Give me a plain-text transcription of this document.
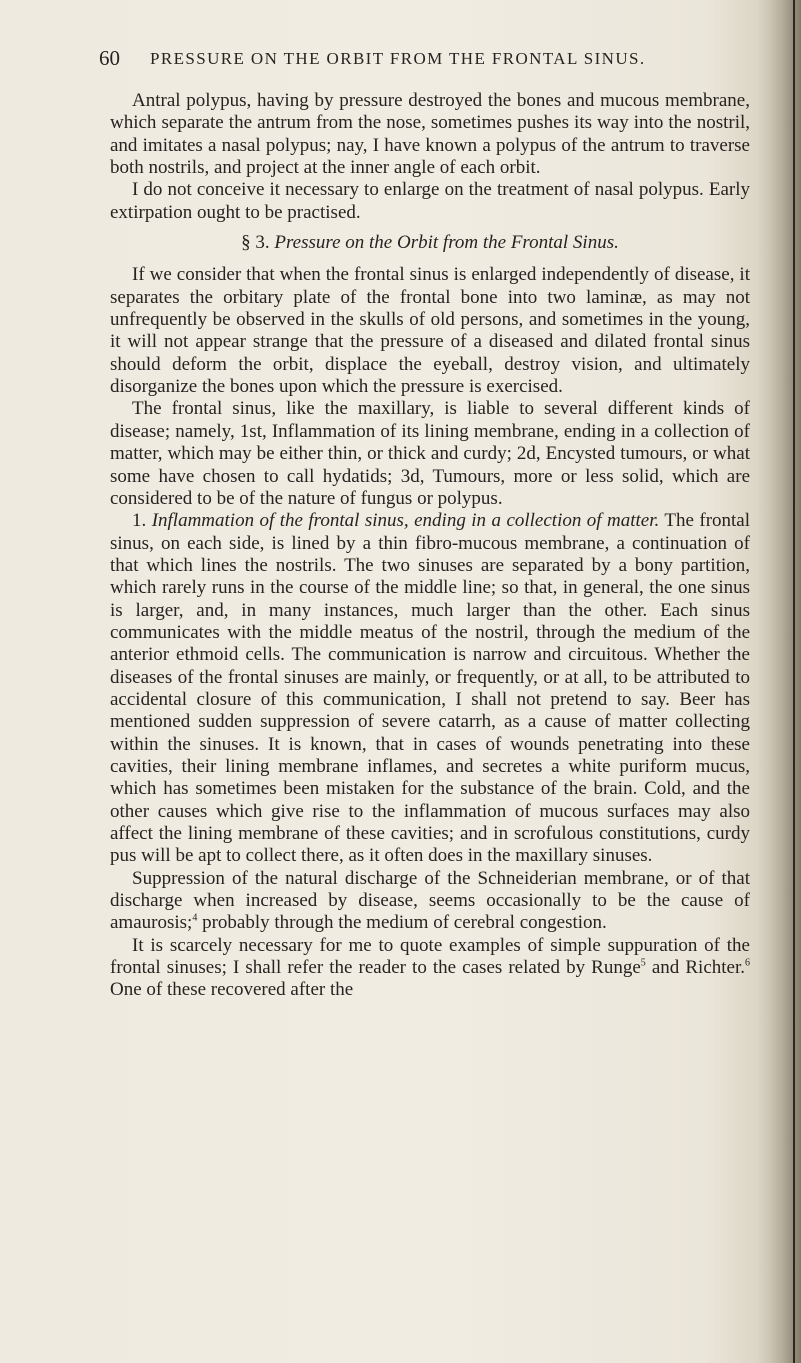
60 PRESSURE ON THE ORBIT FROM THE FRONTAL SINUS.

Antral polypus, having by pressure destroyed the bones and mucous membrane, which separate the antrum from the nose, sometimes pushes its way into the nostril, and imitates a nasal polypus; nay, I have known a polypus of the antrum to traverse both nostrils, and project at the inner angle of each orbit.

I do not conceive it necessary to enlarge on the treatment of nasal polypus. Early extirpation ought to be practised.

§ 3. Pressure on the Orbit from the Frontal Sinus.

If we consider that when the frontal sinus is enlarged independently of disease, it separates the orbitary plate of the frontal bone into two laminæ, as may not unfrequently be observed in the skulls of old persons, and sometimes in the young, it will not appear strange that the pressure of a diseased and dilated frontal sinus should deform the orbit, displace the eyeball, destroy vision, and ultimately disorganize the bones upon which the pressure is exercised.

The frontal sinus, like the maxillary, is liable to several different kinds of disease; namely, 1st, Inflammation of its lining membrane, ending in a collection of matter, which may be either thin, or thick and curdy; 2d, Encysted tumours, or what some have chosen to call hydatids; 3d, Tumours, more or less solid, which are considered to be of the nature of fungus or polypus.

1. Inflammation of the frontal sinus, ending in a collection of matter. The frontal sinus, on each side, is lined by a thin fibro-mucous membrane, a continuation of that which lines the nostrils. The two sinuses are separated by a bony partition, which rarely runs in the course of the middle line; so that, in general, the one sinus is larger, and, in many instances, much larger than the other. Each sinus communicates with the middle meatus of the nostril, through the medium of the anterior ethmoid cells. The communication is narrow and circuitous. Whether the diseases of the frontal sinuses are mainly, or frequently, or at all, to be attributed to accidental closure of this communication, I shall not pretend to say. Beer has mentioned sudden suppression of severe catarrh, as a cause of matter collecting within the sinuses. It is known, that in cases of wounds penetrating into these cavities, their lining membrane inflames, and secretes a white puriform mucus, which has sometimes been mistaken for the substance of the brain. Cold, and the other causes which give rise to the inflammation of mucous surfaces may also affect the lining membrane of these cavities; and in scrofulous constitutions, curdy pus will be apt to collect there, as it often does in the maxillary sinuses.

Suppression of the natural discharge of the Schneiderian membrane, or of that discharge when increased by disease, seems occasionally to be the cause of amaurosis;$^4$ probably through the medium of cerebral congestion.

It is scarcely necessary for me to quote examples of simple suppuration of the frontal sinuses; I shall refer the reader to the cases related by Runge$^5$ and Richter.$^6$ One of these recovered after the
